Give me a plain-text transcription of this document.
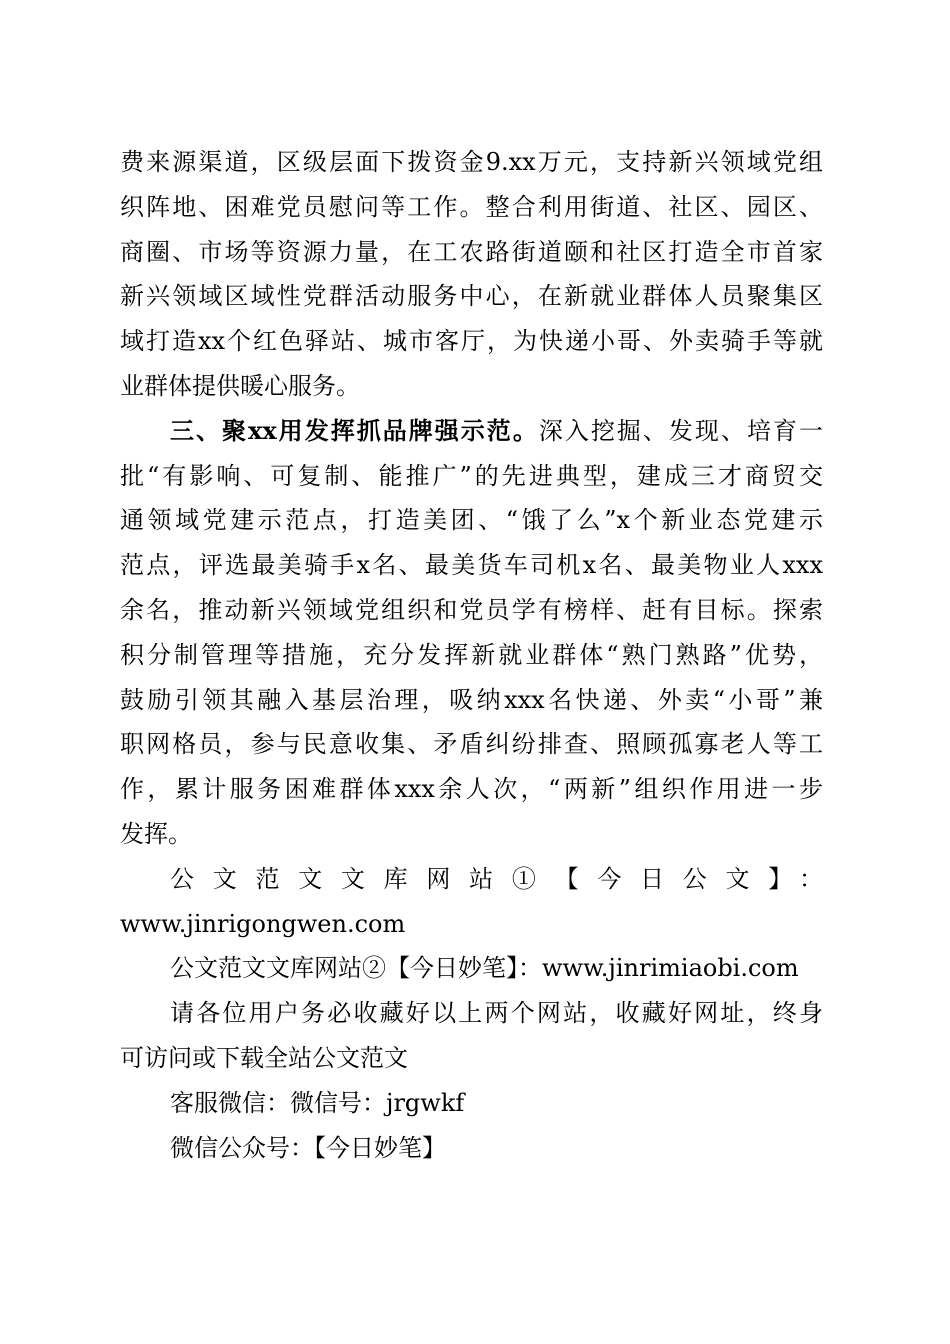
费来源渠道，区级层面下拨资金9.xx万元，支持新兴领域党组
织阵地、困难党员慰问等工作。整合利用街道、社区、园区、
商圈、市场等资源力量，在工农路街道颐和社区打造全市首家
新兴领域区域性党群活动服务中心，在新就业群体人员聚集区
域打造xx个红色驿站、城市客厅，为快递小哥、外卖骑手等就
业群体提供暖心服务。
三、聚xx用发挥抓品牌强示范。深入挖掘、发现、培育一
批“有影响、可复制、能推广”的先进典型，建成三才商贸交
通领域党建示范点，打造美团、“饿了么”x个新业态党建示
范点，评选最美骑手x名、最美货车司机x名、最美物业人xxx
余名，推动新兴领域党组织和党员学有榜样、赶有目标。探索
积分制管理等措施，充分发挥新就业群体“熟门熟路”优势，
鼓励引领其融入基层治理，吸纳xxx名快递、外卖“小哥”兼
职网格员，参与民意收集、矛盾纠纷排查、照顾孤寡老人等工
作，累计服务困难群体xxx余人次，“两新”组织作用进一步
发挥。
公文范文文库网站①【今日公文】：
www.jinrigongwen.com
公文范文文库网站②【今日妙笔】：www.jinrimiaobi.com
请各位用户务必收藏好以上两个网站，收藏好网址，终身
可访问或下载全站公文范文
客服微信：微信号：jrgwkf
微信公众号：【今日妙笔】
